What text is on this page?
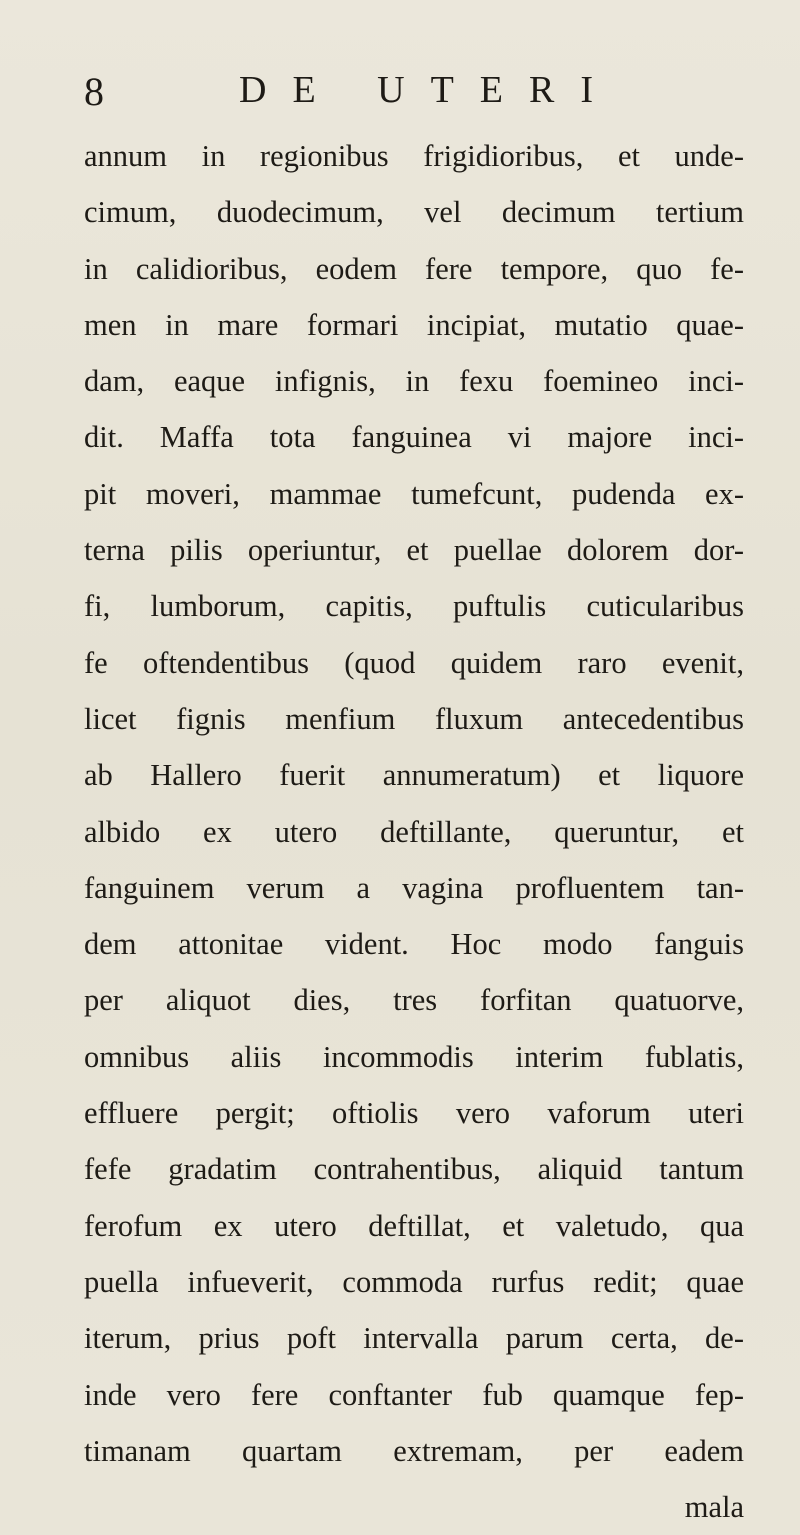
8	DE UTERI
annum in regionibus frigidioribus, et unde-
cimum, duodecimum, vel decimum tertium
in calidioribus, eodem fere tempore, quo fe-
men in mare formari incipiat, mutatio quae-
dam, eaque infignis, in fexu foemineo inci-
dit. Maffa tota fanguinea vi majore inci-
pit moveri, mammae tumefcunt, pudenda ex-
terna pilis operiuntur, et puellae dolorem dor-
fi, lumborum, capitis, puftulis cuticularibus
fe oftendentibus (quod quidem raro evenit,
licet fignis menfium fluxum antecedentibus
ab Hallero fuerit annumeratum) et liquore
albido ex utero deftillante, queruntur, et
fanguinem verum a vagina profluentem tan-
dem attonitae vident. Hoc modo fanguis
per aliquot dies, tres forfitan quatuorve,
omnibus aliis incommodis interim fublatis,
effluere pergit; oftiolis vero vaforum uteri
fefe gradatim contrahentibus, aliquid tantum
ferofum ex utero deftillat, et valetudo, qua
puella infueverit, commoda rurfus redit; quae
iterum, prius poft intervalla parum certa, de-
inde vero fere conftanter fub quamque fep-
timanam quartam extremam, per eadem
mala
